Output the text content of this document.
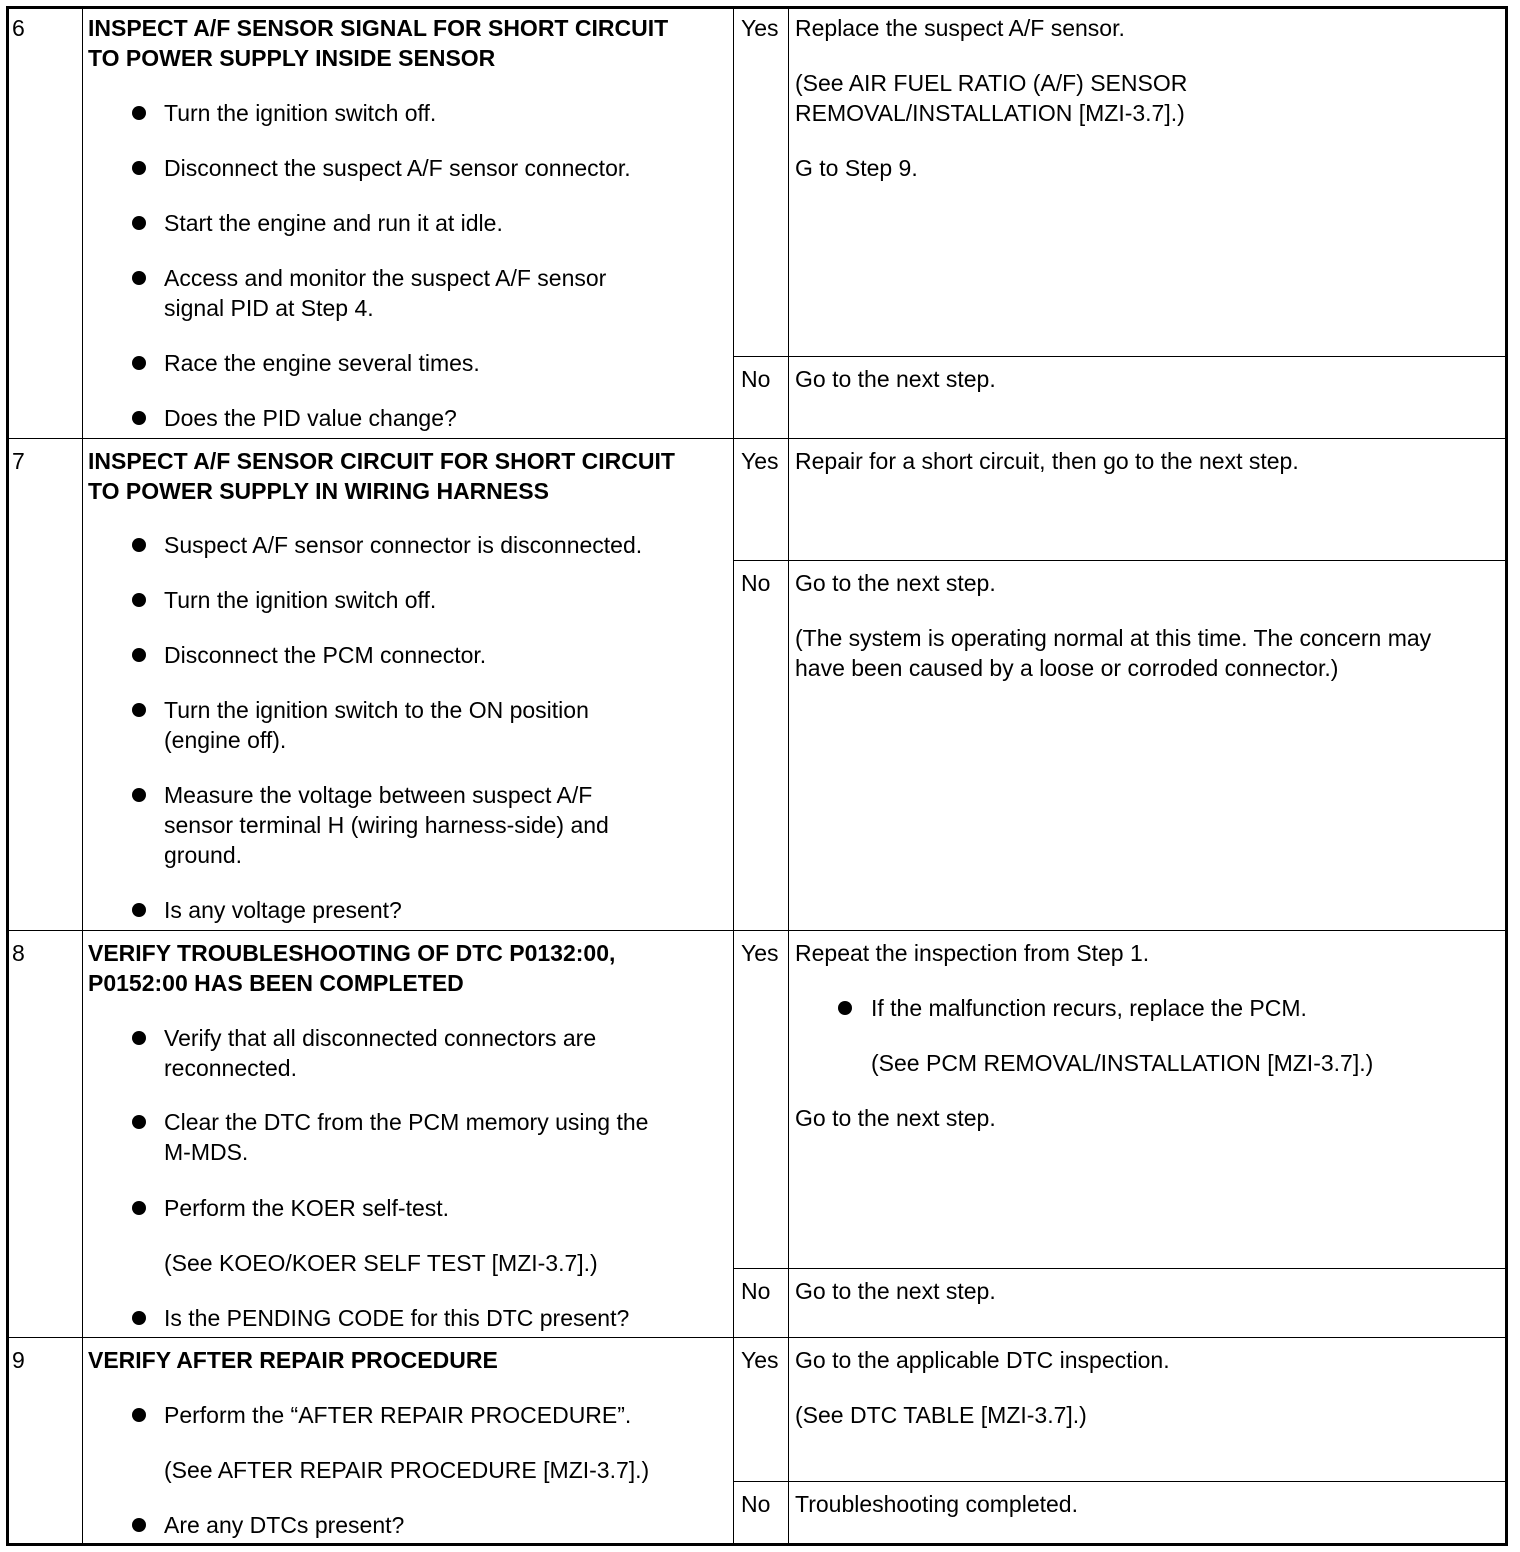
6	INSPECT A/F SENSOR SIGNAL FOR SHORT CIRCUIT
TO POWER SUPPLY INSIDE SENSOR
Turn the ignition switch off.
Disconnect the suspect A/F sensor connector.
Start the engine and run it at idle.
Access and monitor the suspect A/F sensor
signal PID at Step 4.
Race the engine several times.
Does the PID value change?
Yes Replace the suspect A/F sensor.
(See AIR FUEL RATIO (A/F) SENSOR
REMOVAL/INSTALLATION [MZI-3.7].)
G to Step 9.
No Go to the next step.
7	INSPECT A/F SENSOR CIRCUIT FOR SHORT CIRCUIT
TO POWER SUPPLY IN WIRING HARNESS
Suspect A/F sensor connector is disconnected.
Turn the ignition switch off.
Disconnect the PCM connector.
Turn the ignition switch to the ON position
(engine off).
Measure the voltage between suspect A/F
sensor terminal H (wiring harness-side) and
ground.
Is any voltage present?
Yes Repair for a short circuit, then go to the next step.
No Go to the next step.
(The system is operating normal at this time. The concern may
have been caused by a loose or corroded connector.)
8	VERIFY TROUBLESHOOTING OF DTC P0132:00,
P0152:00 HAS BEEN COMPLETED
Verify that all disconnected connectors are
reconnected.
Clear the DTC from the PCM memory using the
M-MDS.
Perform the KOER self-test.
(See KOEO/KOER SELF TEST [MZI-3.7].)
Is the PENDING CODE for this DTC present?
Yes Repeat the inspection from Step 1.
If the malfunction recurs, replace the PCM.
(See PCM REMOVAL/INSTALLATION [MZI-3.7].)
Go to the next step.
No Go to the next step.
9	VERIFY AFTER REPAIR PROCEDURE
Perform the “AFTER REPAIR PROCEDURE”.
(See AFTER REPAIR PROCEDURE [MZI-3.7].)
Are any DTCs present?
Yes Go to the applicable DTC inspection.
(See DTC TABLE [MZI-3.7].)
No Troubleshooting completed.
